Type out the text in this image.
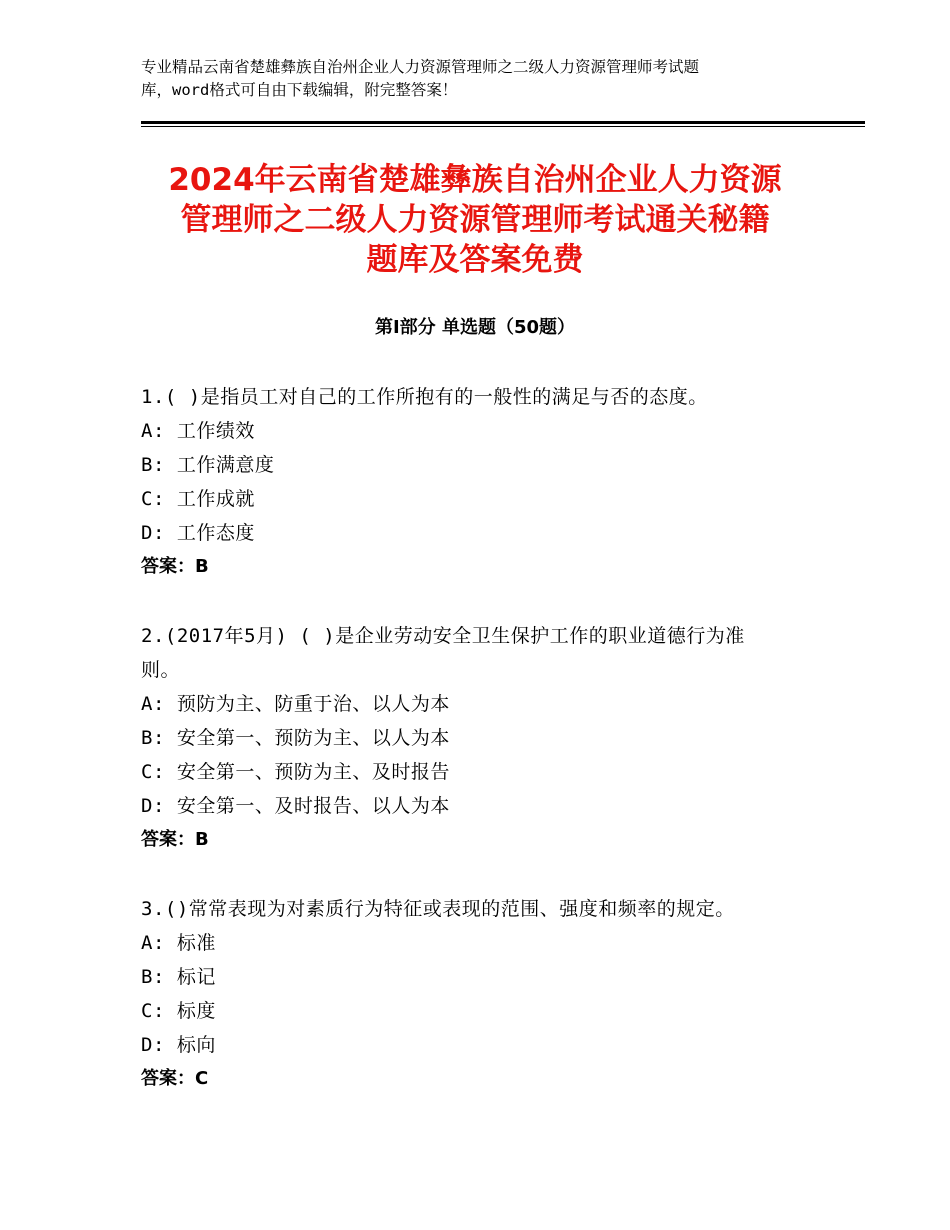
专业精品云南省楚雄彝族自治州企业人力资源管理师之二级人力资源管理师考试题
库，word格式可自由下载编辑，附完整答案！
2024年云南省楚雄彝族自治州企业人力资源
管理师之二级人力资源管理师考试通关秘籍
题库及答案免费
第Ⅰ部分 单选题（50题）
1.( )是指员工对自己的工作所抱有的一般性的满足与否的态度。
A: 工作绩效
B: 工作满意度
C: 工作成就
D: 工作态度
答案：B
2.(2017年5月) ( )是企业劳动安全卫生保护工作的职业道德行为准
则。
A: 预防为主、防重于治、以人为本
B: 安全第一、预防为主、以人为本
C: 安全第一、预防为主、及时报告
D: 安全第一、及时报告、以人为本
答案：B
3.()常常表现为对素质行为特征或表现的范围、强度和频率的规定。
A: 标准
B: 标记
C: 标度
D: 标向
答案：C
